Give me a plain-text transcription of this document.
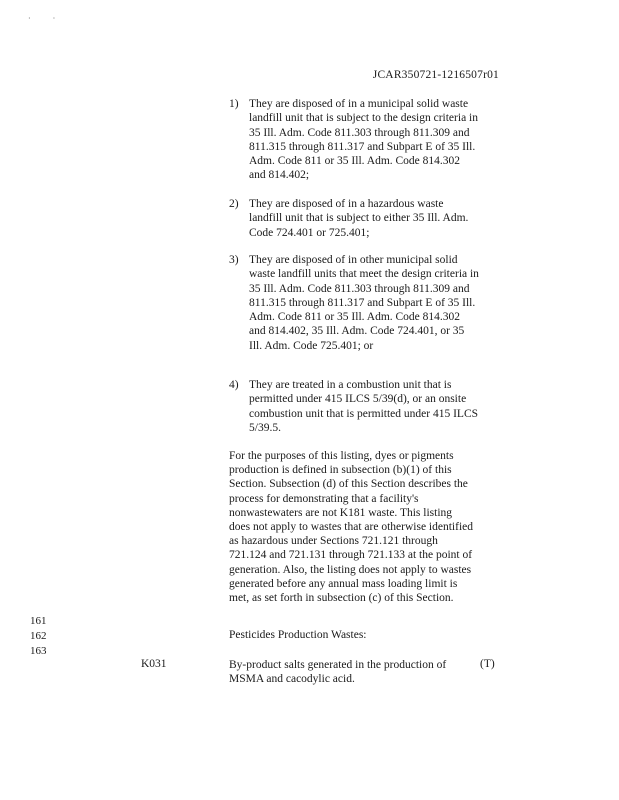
· ·
JCAR350721-1216507r01
1) They are disposed of in a municipal solid waste landfill unit that is subject to the design criteria in 35 Ill. Adm. Code 811.303 through 811.309 and 811.315 through 811.317 and Subpart E of 35 Ill. Adm. Code 811 or 35 Ill. Adm. Code 814.302 and 814.402;
2) They are disposed of in a hazardous waste landfill unit that is subject to either 35 Ill. Adm. Code 724.401 or 725.401;
3) They are disposed of in other municipal solid waste landfill units that meet the design criteria in 35 Ill. Adm. Code 811.303 through 811.309 and 811.315 through 811.317 and Subpart E of 35 Ill. Adm. Code 811 or 35 Ill. Adm. Code 814.302 and 814.402, 35 Ill. Adm. Code 724.401, or 35 Ill. Adm. Code 725.401; or
4) They are treated in a combustion unit that is permitted under 415 ILCS 5/39(d), or an onsite combustion unit that is permitted under 415 ILCS 5/39.5.
For the purposes of this listing, dyes or pigments production is defined in subsection (b)(1) of this Section. Subsection (d) of this Section describes the process for demonstrating that a facility's nonwastewaters are not K181 waste. This listing does not apply to wastes that are otherwise identified as hazardous under Sections 721.121 through 721.124 and 721.131 through 721.133 at the point of generation. Also, the listing does not apply to wastes generated before any annual mass loading limit is met, as set forth in subsection (c) of this Section.
161
162
163
Pesticides Production Wastes:
K031	By-product salts generated in the production of MSMA and cacodylic acid.
(T)
